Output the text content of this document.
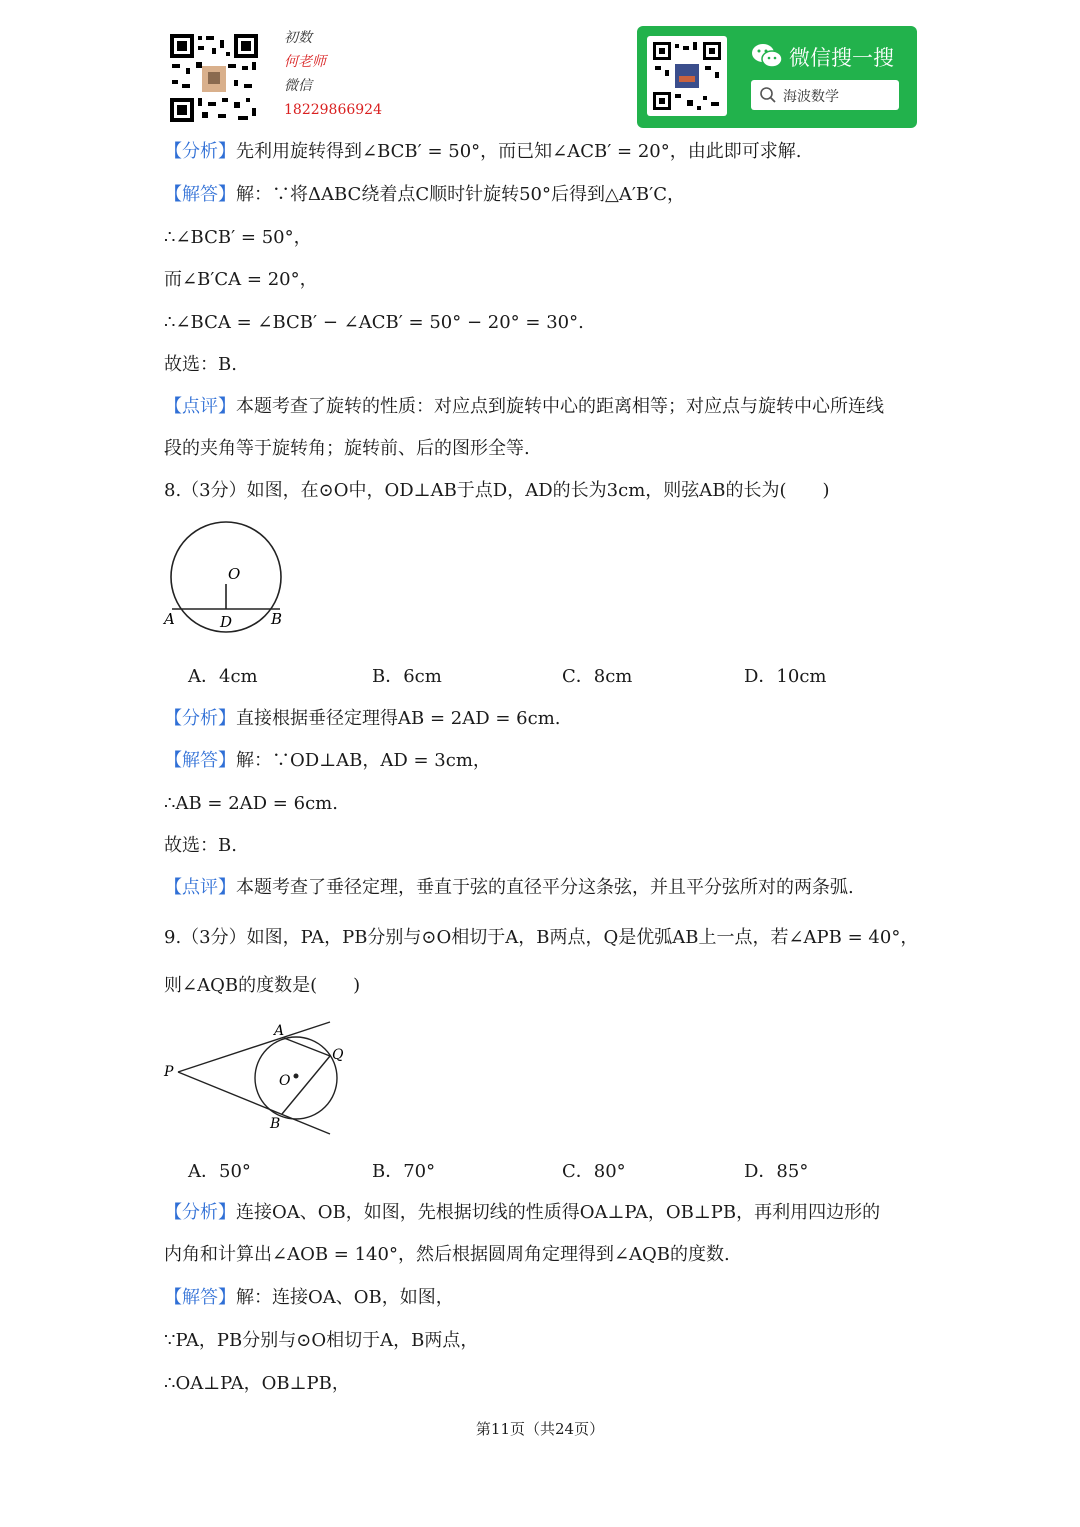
初数
何老师
微信
18229866924
微信搜一搜
海波数学
【分析】先利用旋转得到∠BCB′ = 50°，而已知∠ACB′ = 20°，由此即可求解.
【解答】解：∵将ΔABC绕着点C顺时针旋转50°后得到△A′B′C，
∴∠BCB′ = 50°，
而∠B′CA = 20°，
∴∠BCA = ∠BCB′ − ∠ACB′ = 50° − 20° = 30°.
故选：B.
【点评】本题考查了旋转的性质：对应点到旋转中心的距离相等；对应点与旋转中心所连线
段的夹角等于旋转角；旋转前、后的图形全等.
8.（3分）如图，在⊙O中，OD⊥AB于点D，AD的长为3cm，则弦AB的长为(　　)
O
A	D	B
A．4cm	B．6cm	C．8cm	D．10cm
【分析】直接根据垂径定理得AB = 2AD = 6cm.
【解答】解：∵OD⊥AB，AD = 3cm，
∴AB = 2AD = 6cm.
故选：B.
【点评】本题考查了垂径定理，垂直于弦的直径平分这条弦，并且平分弦所对的两条弧.
9.（3分）如图，PA，PB分别与⊙O相切于A，B两点，Q是优弧AB上一点，若∠APB = 40°，
则∠AQB的度数是(　　)
P
A
Q
O
B
A．50°	B．70°	C．80°	D．85°
【分析】连接OA、OB，如图，先根据切线的性质得OA⊥PA，OB⊥PB，再利用四边形的
内角和计算出∠AOB = 140°，然后根据圆周角定理得到∠AQB的度数.
【解答】解：连接OA、OB，如图，
∵PA，PB分别与⊙O相切于A，B两点，
∴OA⊥PA，OB⊥PB，
第11页（共24页）
